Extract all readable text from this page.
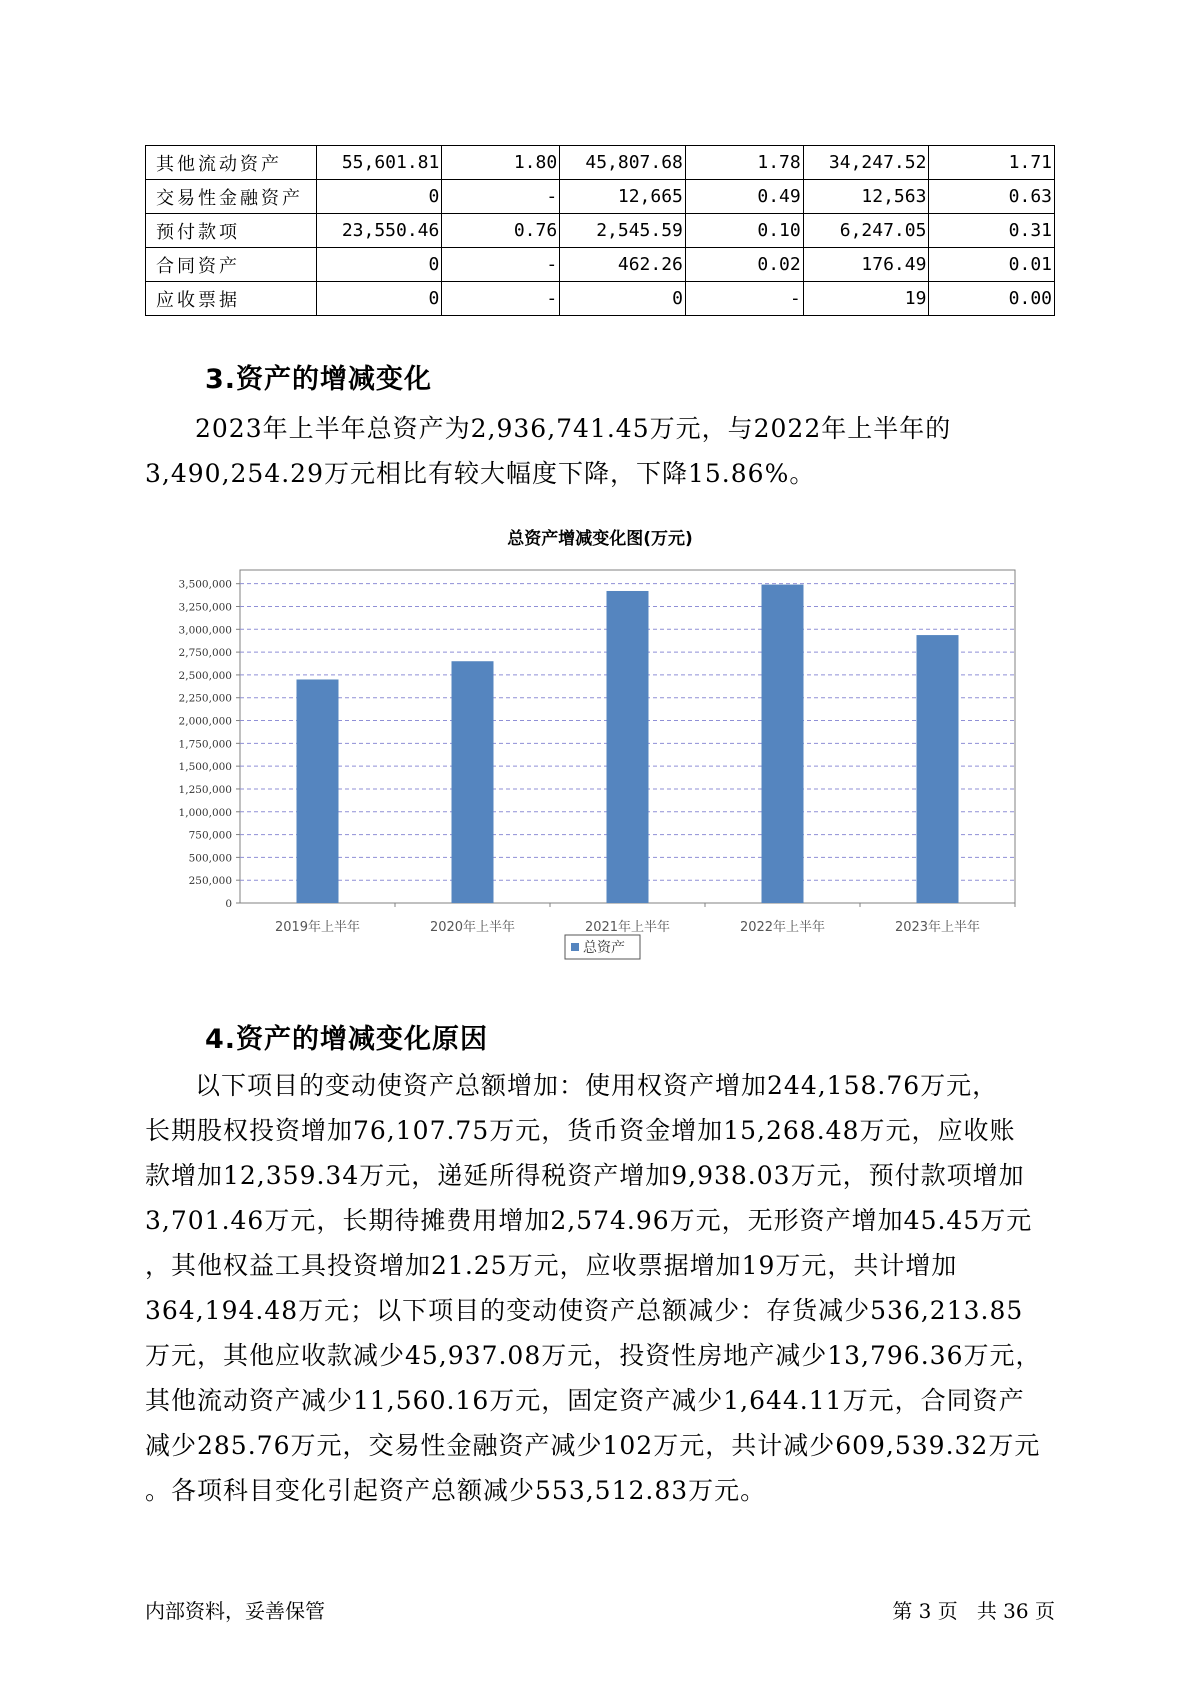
其他流动资产	55,601.81	1.80	45,807.68	1.78	34,247.52	1.71
交易性金融资产	0	-	12,665	0.49	12,563	0.63
预付款项	23,550.46	0.76	2,545.59	0.10	6,247.05	0.31
合同资产	0	-	462.26	0.02	176.49	0.01
应收票据	0	-	0	-	19	0.00
3.资产的增减变化

2023年上半年总资产为2,936,741.45万元，与2022年上半年的
3,490,254.29万元相比有较大幅度下降，下降15.86%。

总资产增减变化图(万元)
0
250,000
500,000
750,000
1,000,000
1,250,000
1,500,000
1,750,000
2,000,000
2,250,000
2,500,000
2,750,000
3,000,000
3,250,000
3,500,000
2019年上半年	2020年上半年	2021年上半年	2022年上半年	2023年上半年
总资产
4.资产的增减变化原因

以下项目的变动使资产总额增加：使用权资产增加244,158.76万元，
长期股权投资增加76,107.75万元，货币资金增加15,268.48万元，应收账
款增加12,359.34万元，递延所得税资产增加9,938.03万元，预付款项增加
3,701.46万元，长期待摊费用增加2,574.96万元，无形资产增加45.45万元
，其他权益工具投资增加21.25万元，应收票据增加19万元，共计增加
364,194.48万元；以下项目的变动使资产总额减少：存货减少536,213.85
万元，其他应收款减少45,937.08万元，投资性房地产减少13,796.36万元，
其他流动资产减少11,560.16万元，固定资产减少1,644.11万元，合同资产
减少285.76万元，交易性金融资产减少102万元，共计减少609,539.32万元
。各项科目变化引起资产总额减少553,512.83万元。

内部资料，妥善保管	第 3 页   共 36 页
